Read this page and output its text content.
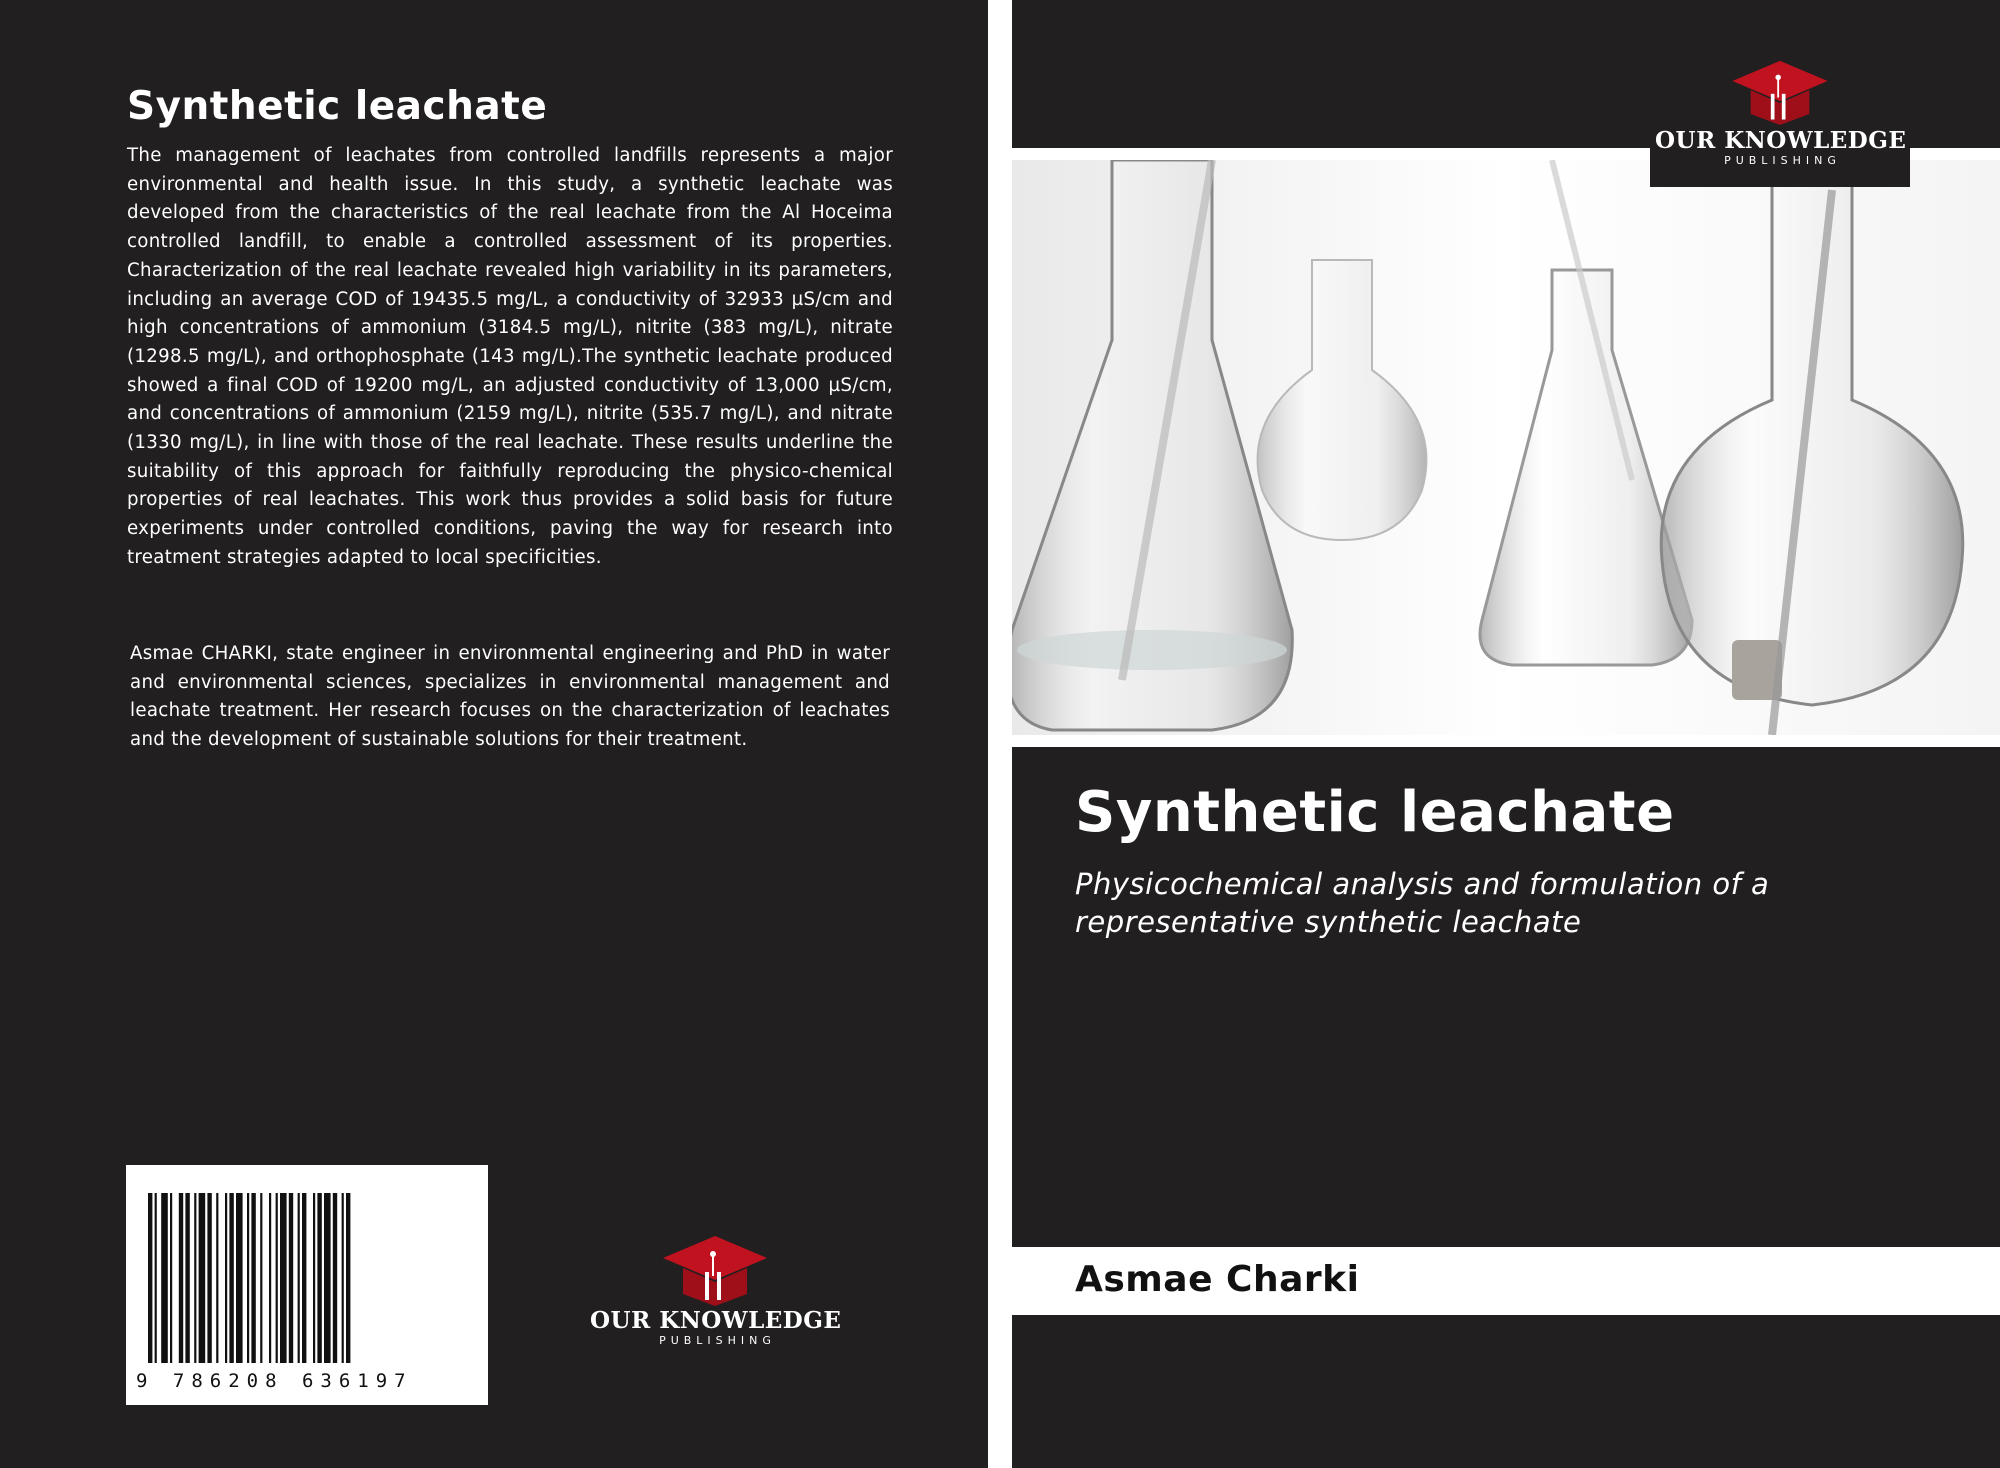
Synthetic leachate

The management of leachates from controlled landfills represents a major environmental and health issue. In this study, a synthetic leachate was developed from the characteristics of the real leachate from the Al Hoceima controlled landfill, to enable a controlled assessment of its properties. Characterization of the real leachate revealed high variability in its parameters, including an average COD of 19435.5 mg/L, a conductivity of 32933 µS/cm and high concentrations of ammonium (3184.5 mg/L), nitrite (383 mg/L), nitrate (1298.5 mg/L), and orthophosphate (143 mg/L).The synthetic leachate produced showed a final COD of 19200 mg/L, an adjusted conductivity of 13,000 µS/cm, and concentrations of ammonium (2159 mg/L), nitrite (535.7 mg/L), and nitrate (1330 mg/L), in line with those of the real leachate. These results underline the suitability of this approach for faithfully reproducing the physico-chemical properties of real leachates. This work thus provides a solid basis for future experiments under controlled conditions, paving the way for research into treatment strategies adapted to local specificities.

Asmae CHARKI, state engineer in environmental engineering and PhD in water and environmental sciences, specializes in environmental management and leachate treatment. Her research focuses on the characterization of leachates and the development of sustainable solutions for their treatment.

9 786208 636197
OUR KNOWLEDGE
PUBLISHING
OUR KNOWLEDGE
PUBLISHING
Synthetic leachate

Physicochemical analysis and formulation of a representative synthetic leachate

Asmae Charki
